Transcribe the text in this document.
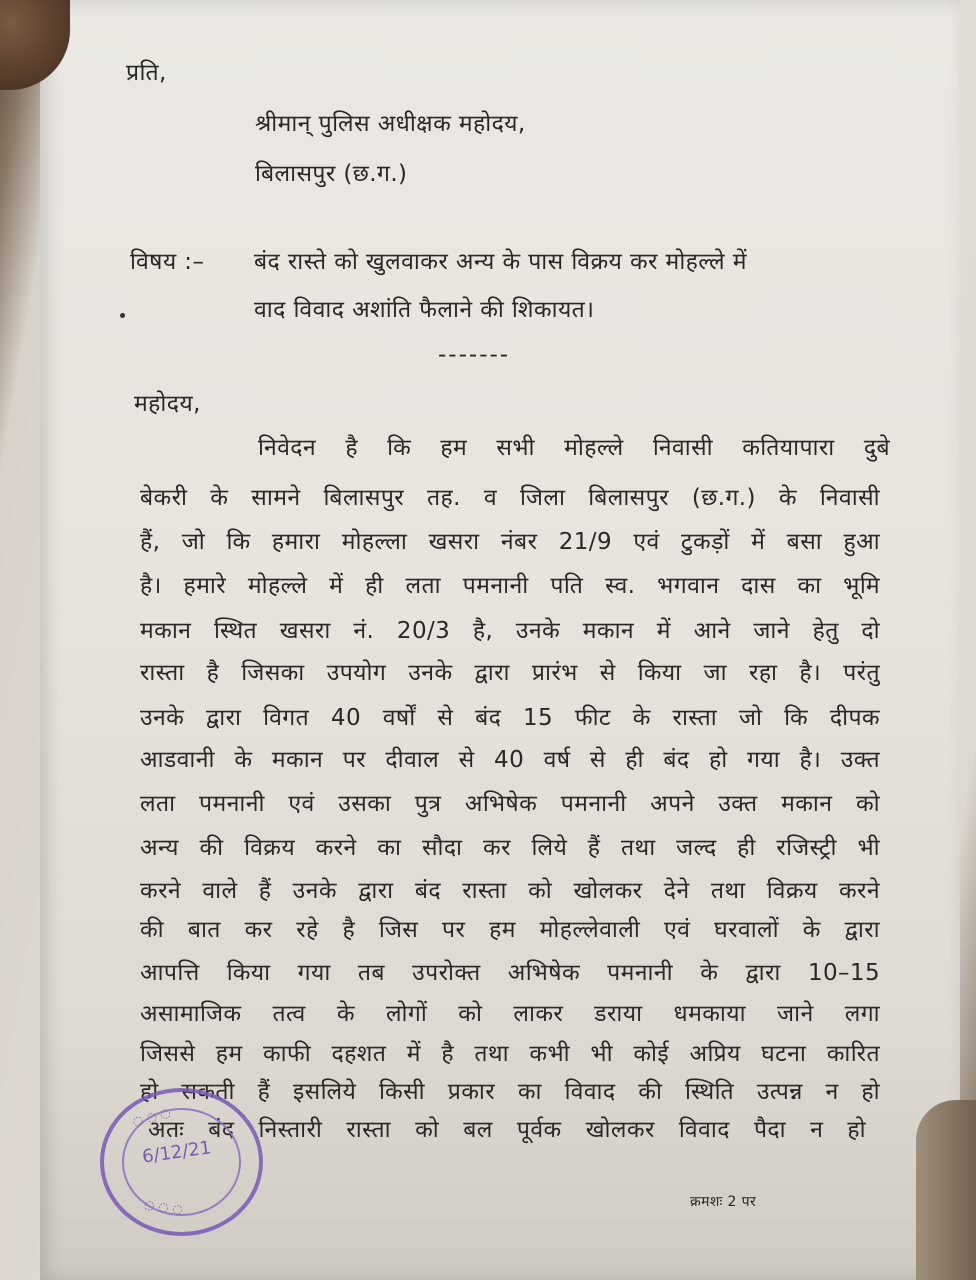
प्रति,
श्रीमान् पुलिस अधीक्षक महोदय,
बिलासपुर (छ.ग.)
विषय :– बंद रास्ते को खुलवाकर अन्य के पास विक्रय कर मोहल्ले में
वाद विवाद अशांति फैलाने की शिकायत।
-------
महोदय,
निवेदन है कि हम सभी मोहल्ले निवासी कतियापारा दुबे
बेकरी के सामने बिलासपुर तह. व जिला बिलासपुर (छ.ग.) के निवासी
हैं, जो कि हमारा मोहल्ला खसरा नंबर 21/9 एवं टुकड़ों में बसा हुआ
है। हमारे मोहल्ले में ही लता पमनानी पति स्व. भगवान दास का भूमि
मकान स्थित खसरा नं. 20/3 है, उनके मकान में आने जाने हेतु दो
रास्ता है जिसका उपयोग उनके द्वारा प्रारंभ से किया जा रहा है। परंतु
उनके द्वारा विगत 40 वर्षों से बंद 15 फीट के रास्ता जो कि दीपक
आडवानी के मकान पर दीवाल से 40 वर्ष से ही बंद हो गया है। उक्त
लता पमनानी एवं उसका पुत्र अभिषेक पमनानी अपने उक्त मकान को
अन्य की विक्रय करने का सौदा कर लिये हैं तथा जल्द ही रजिस्ट्री भी
करने वाले हैं उनके द्वारा बंद रास्ता को खोलकर देने तथा विक्रय करने
की बात कर रहे है जिस पर हम मोहल्लेवाली एवं घरवालों के द्वारा
आपत्ति किया गया तब उपरोक्त अभिषेक पमनानी के द्वारा 10–15
असामाजिक तत्व के लोगों को लाकर डराया धमकाया जाने लगा
जिससे हम काफी दहशत में है तथा कभी भी कोई अप्रिय घटना कारित
हो सकती हैं इसलिये किसी प्रकार का विवाद की स्थिति उत्पन्न न हो
अतः बंद निस्तारी रास्ता को बल पूर्वक खोलकर विवाद पैदा न हो
क्रमशः 2 पर
◌ ◌ ◌
6/12/21
◌ ◌ ◌
